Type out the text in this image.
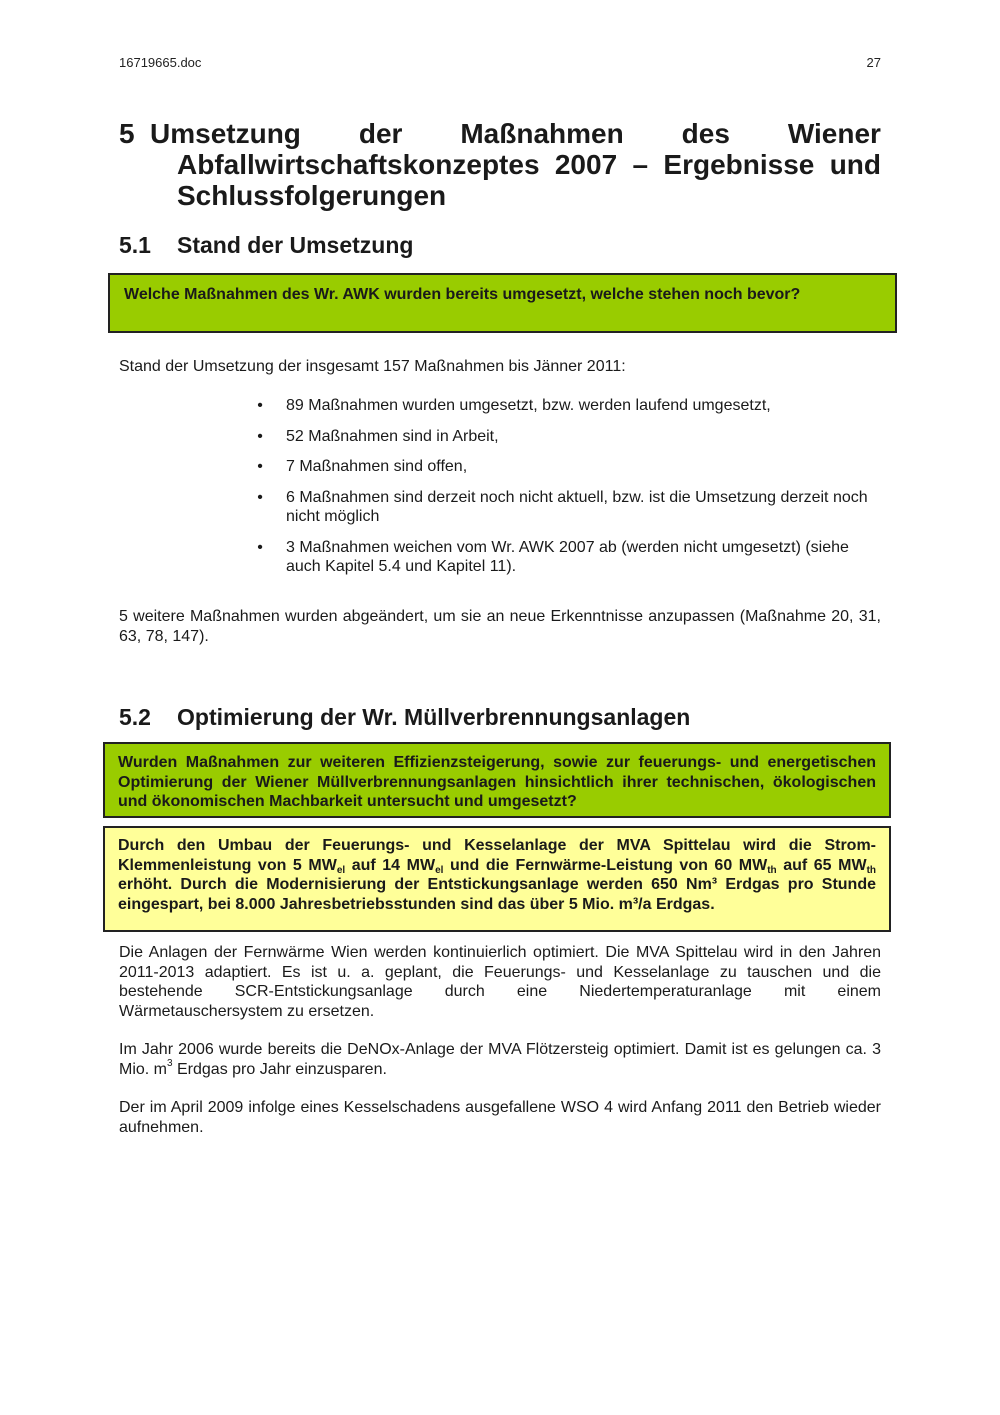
16719665.doc	27
5 Umsetzung der Maßnahmen des Wiener
Abfallwirtschaftskonzeptes 2007 – Ergebnisse und Schlussfolgerungen
5.1 Stand der Umsetzung
Welche Maßnahmen des Wr. AWK wurden bereits umgesetzt, welche stehen noch bevor?
Stand der Umsetzung der insgesamt 157 Maßnahmen bis Jänner 2011:
• 89 Maßnahmen wurden umgesetzt, bzw. werden laufend umgesetzt,
• 52 Maßnahmen sind in Arbeit,
• 7 Maßnahmen sind offen,
• 6 Maßnahmen sind derzeit noch nicht aktuell, bzw. ist die Umsetzung derzeit noch nicht möglich
• 3 Maßnahmen weichen vom Wr. AWK 2007 ab (werden nicht umgesetzt) (siehe auch Kapitel 5.4 und Kapitel 11).
5 weitere Maßnahmen wurden abgeändert, um sie an neue Erkenntnisse anzupassen (Maßnahme 20, 31, 63, 78, 147).
5.2 Optimierung der Wr. Müllverbrennungsanlagen
Wurden Maßnahmen zur weiteren Effizienzsteigerung, sowie zur feuerungs- und energetischen Optimierung der Wiener Müllverbrennungsanlagen hinsichtlich ihrer technischen, ökologischen und ökonomischen Machbarkeit untersucht und umgesetzt?
Durch den Umbau der Feuerungs- und Kesselanlage der MVA Spittelau wird die Strom-Klemmenleistung von 5 $MW_{el}$ auf 14 $MW_{el}$ und die Fernwärme-Leistung von 60 $MW_{th}$ auf 65 $MW_{th}$ erhöht. Durch die Modernisierung der Entstickungsanlage werden 650 Nm³ Erdgas pro Stunde eingespart, bei 8.000 Jahresbetriebsstunden sind das über 5 Mio. m³/a Erdgas.
Die Anlagen der Fernwärme Wien werden kontinuierlich optimiert. Die MVA Spittelau wird in den Jahren 2011-2013 adaptiert. Es ist u. a. geplant, die Feuerungs- und Kesselanlage zu tauschen und die bestehende SCR-Entstickungsanlage durch eine Niedertemperaturanlage mit einem Wärmetauschersystem zu ersetzen.
Im Jahr 2006 wurde bereits die DeNOx-Anlage der MVA Flötzersteig optimiert. Damit ist es gelungen ca. 3 Mio. $m^3$ Erdgas pro Jahr einzusparen.
Der im April 2009 infolge eines Kesselschadens ausgefallene WSO 4 wird Anfang 2011 den Betrieb wieder aufnehmen.
